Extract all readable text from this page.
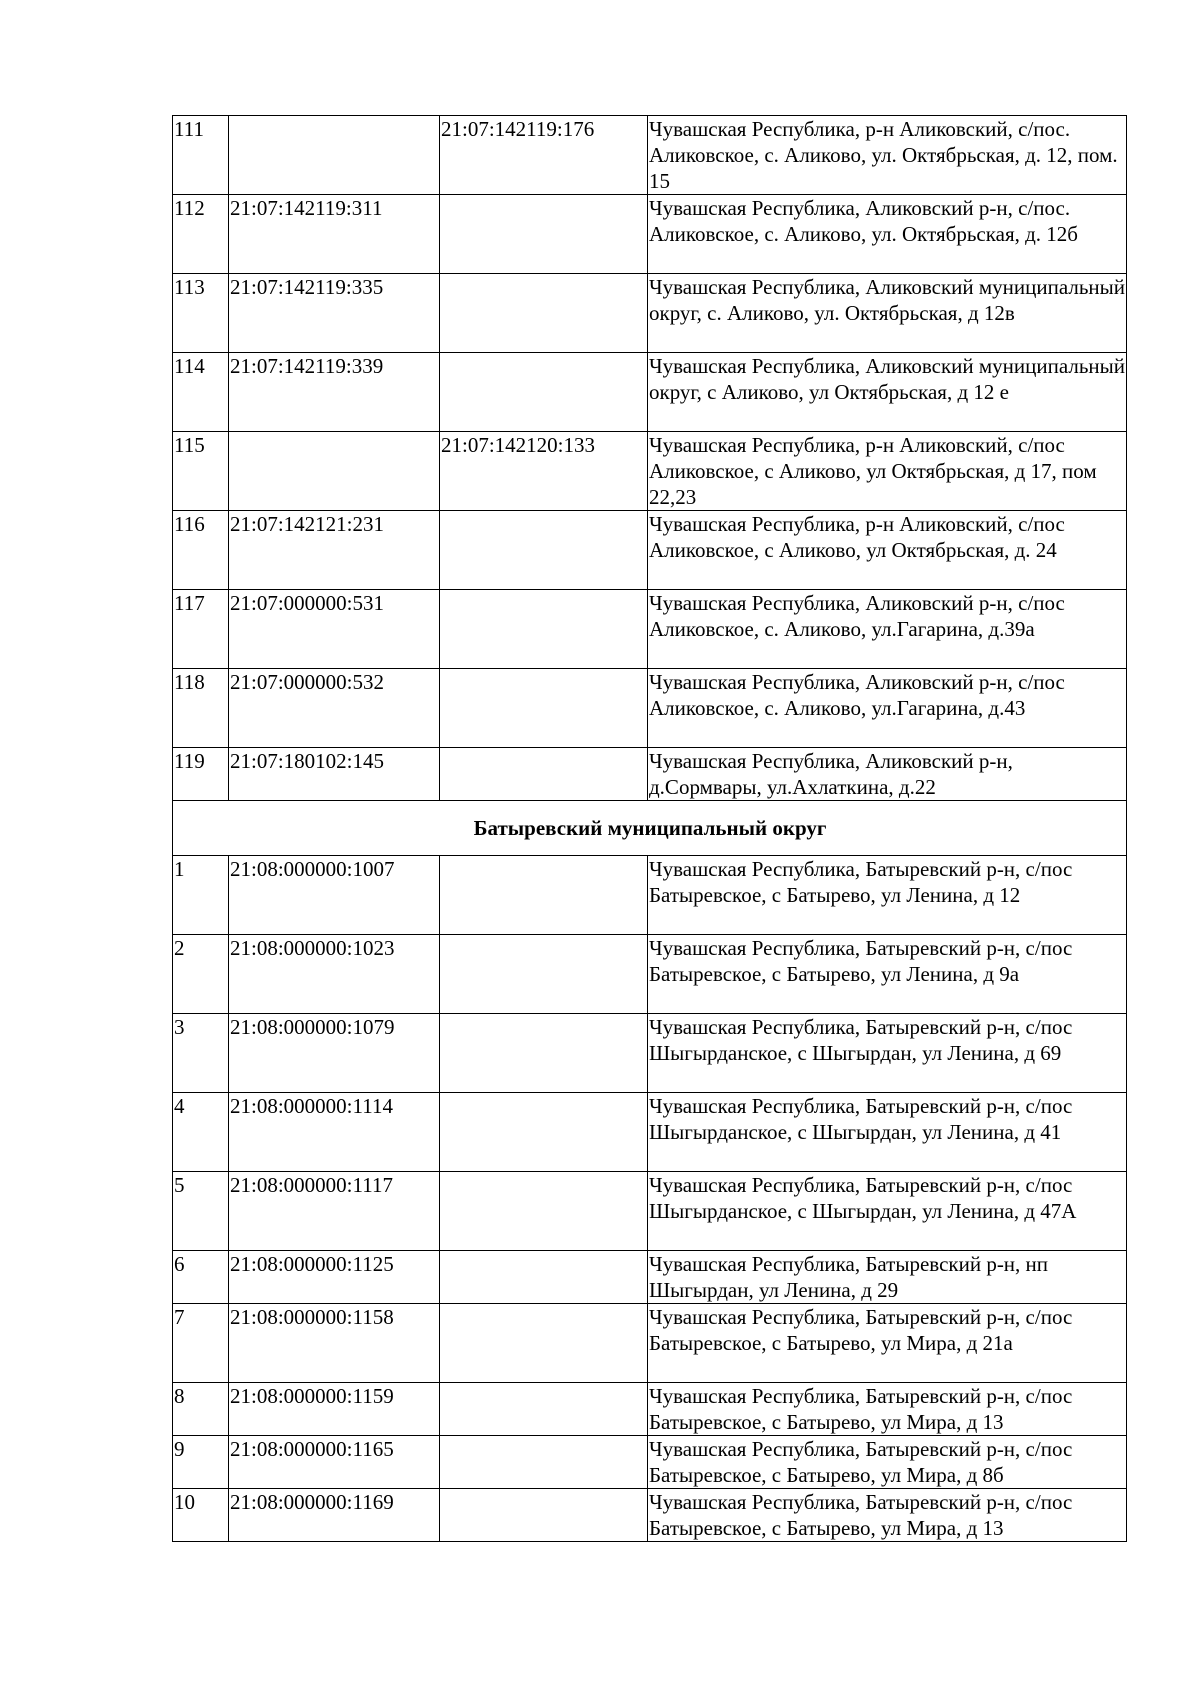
111		21:07:142119:176	Чувашская Республика, р-н Аликовский, с/пос. Аликовское, с. Аликово, ул. Октябрьская, д. 12, пом. 15
112	21:07:142119:311		Чувашская Республика, Аликовский р-н, с/пос. Аликовское, с. Аликово, ул. Октябрьская, д. 12б
113	21:07:142119:335		Чувашская Республика, Аликовский муниципальный округ, с. Аликово, ул. Октябрьская, д 12в
114	21:07:142119:339		Чувашская Республика, Аликовский муниципальный округ, с Аликово, ул Октябрьская, д 12 е
115		21:07:142120:133	Чувашская Республика, р-н Аликовский, с/пос Аликовское, с Аликово, ул Октябрьская, д 17, пом 22,23
116	21:07:142121:231		Чувашская Республика, р-н Аликовский, с/пос Аликовское, с Аликово, ул Октябрьская, д. 24
117	21:07:000000:531		Чувашская Республика, Аликовский р-н, с/пос Аликовское, с. Аликово, ул.Гагарина, д.39а
118	21:07:000000:532		Чувашская Республика, Аликовский р-н, с/пос Аликовское, с. Аликово, ул.Гагарина, д.43
119	21:07:180102:145		Чувашская Республика, Аликовский р-н, д.Сормвары, ул.Ахлаткина, д.22
Батыревский муниципальный округ			
1	21:08:000000:1007		Чувашская Республика, Батыревский р-н, с/пос Батыревское, с Батырево, ул Ленина, д 12
2	21:08:000000:1023		Чувашская Республика, Батыревский р-н, с/пос Батыревское, с Батырево, ул Ленина, д 9а
3	21:08:000000:1079		Чувашская Республика, Батыревский р-н, с/пос Шыгырданское, с Шыгырдан, ул Ленина, д 69
4	21:08:000000:1114		Чувашская Республика, Батыревский р-н, с/пос Шыгырданское, с Шыгырдан, ул Ленина, д 41
5	21:08:000000:1117		Чувашская Республика, Батыревский р-н, с/пос Шыгырданское, с Шыгырдан, ул Ленина, д 47А
6	21:08:000000:1125		Чувашская Республика, Батыревский р-н, нп Шыгырдан, ул Ленина, д 29
7	21:08:000000:1158		Чувашская Республика, Батыревский р-н, с/пос Батыревское, с Батырево, ул Мира, д 21а
8	21:08:000000:1159		Чувашская Республика, Батыревский р-н, с/пос Батыревское, с Батырево, ул Мира, д 13
9	21:08:000000:1165		Чувашская Республика, Батыревский р-н, с/пос Батыревское, с Батырево, ул Мира, д 8б
10	21:08:000000:1169		Чувашская Республика, Батыревский р-н, с/пос Батыревское, с Батырево, ул Мира, д 13
